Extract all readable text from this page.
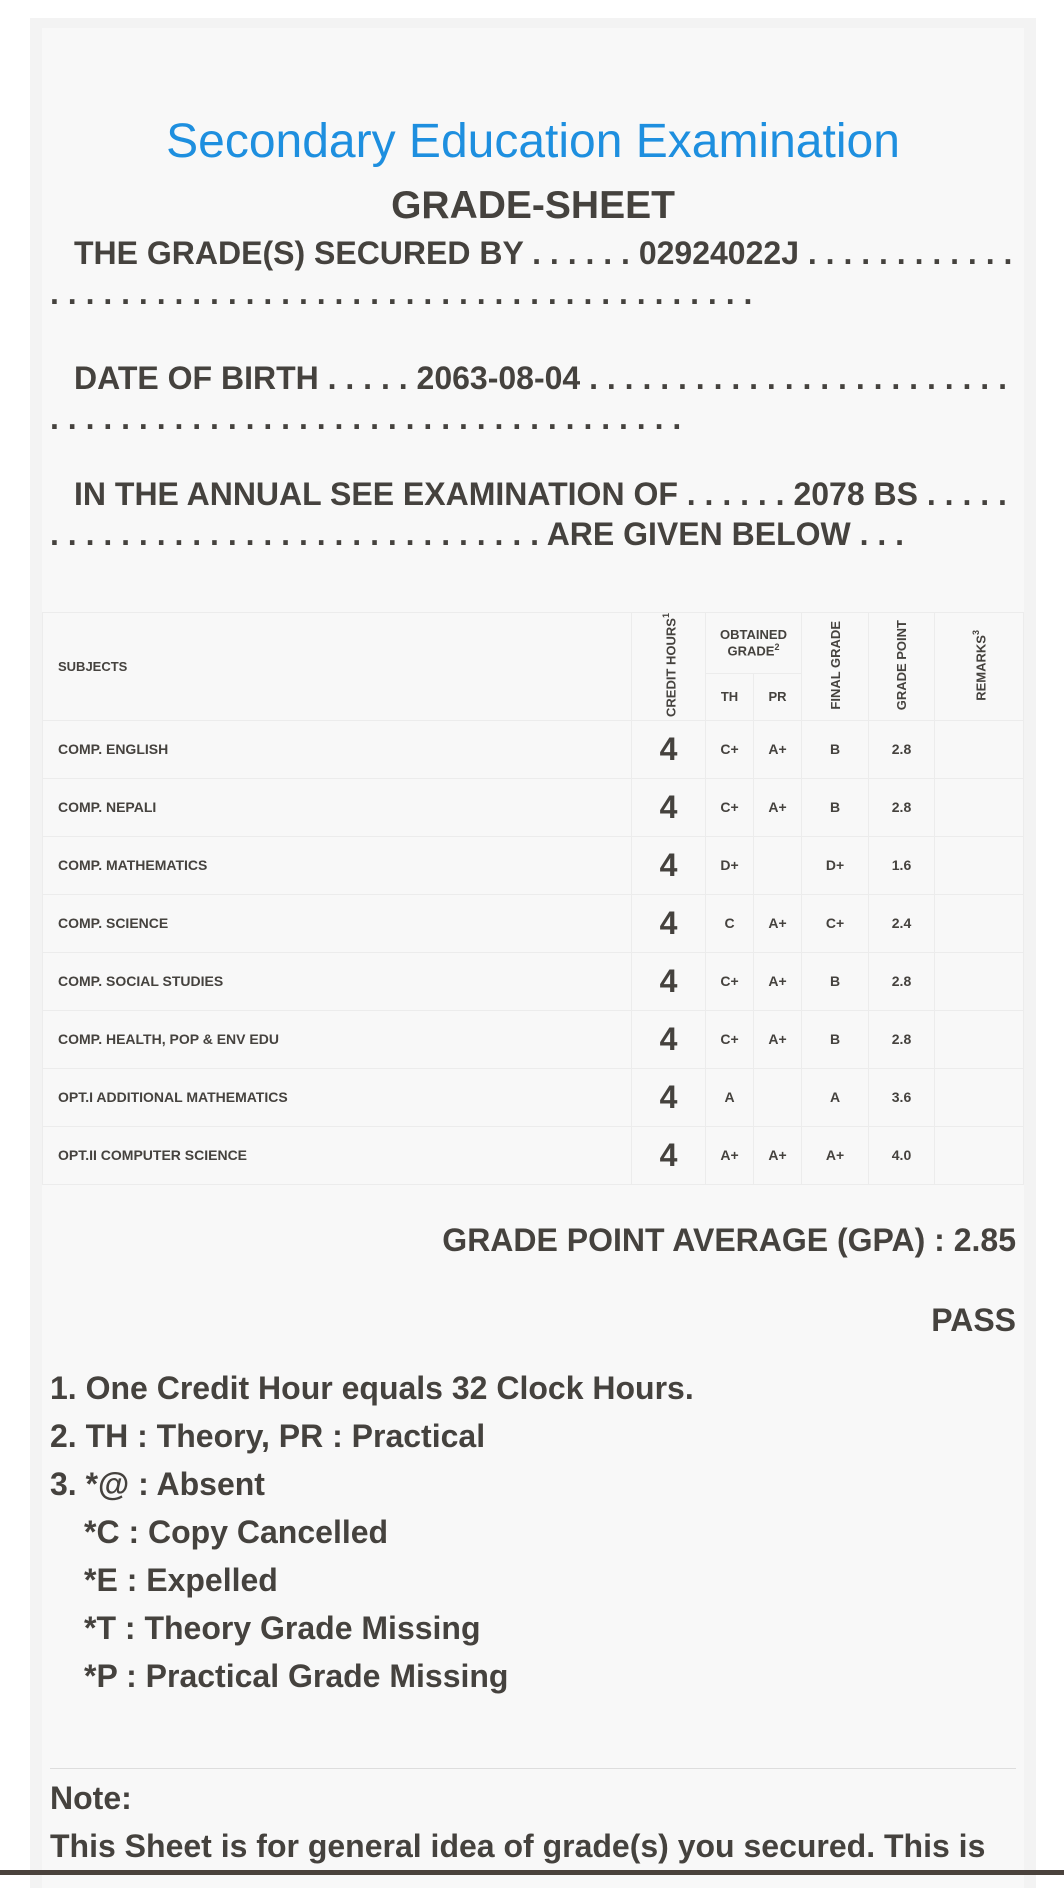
Secondary Education Examination
GRADE-SHEET
THE GRADE(S) SECURED BY . . . . . . 02924022J . . . . . . . . . . . . . . . . . . . . . . . . . . . . . . . . . . . . . . . . . . . . . . . . . . . .
DATE OF BIRTH . . . . . 2063-08-04 . . . . . . . . . . . . . . . . . . . . . . . . . . . . . . . . . . . . . . . . . . . . . . . . . . . . . . . . . . . .
IN THE ANNUAL SEE EXAMINATION OF . . . . . . 2078 BS . . . . . . . . . . . . . . . . . . . . . . . . . . . . . . . . . ARE GIVEN BELOW . . .
SUBJECTS	CREDIT HOURS$^1$	OBTAINED GRADE$^2$		FINAL GRADE	GRADE POINT	REMARKS$^3$
		TH	PR			
COMP. ENGLISH	4	C+	A+	B	2.8	
COMP. NEPALI	4	C+	A+	B	2.8	
COMP. MATHEMATICS	4	D+		D+	1.6	
COMP. SCIENCE	4	C	A+	C+	2.4	
COMP. SOCIAL STUDIES	4	C+	A+	B	2.8	
COMP. HEALTH, POP & ENV EDU	4	C+	A+	B	2.8	
OPT.I ADDITIONAL MATHEMATICS	4	A		A	3.6	
OPT.II COMPUTER SCIENCE	4	A+	A+	A+	4.0	
GRADE POINT AVERAGE (GPA) : 2.85
PASS
1. One Credit Hour equals 32 Clock Hours.
2. TH : Theory, PR : Practical
3. *@ : Absent
*C : Copy Cancelled
*E : Expelled
*T : Theory Grade Missing
*P : Practical Grade Missing
Note:
This Sheet is for general idea of grade(s) you secured. This is
